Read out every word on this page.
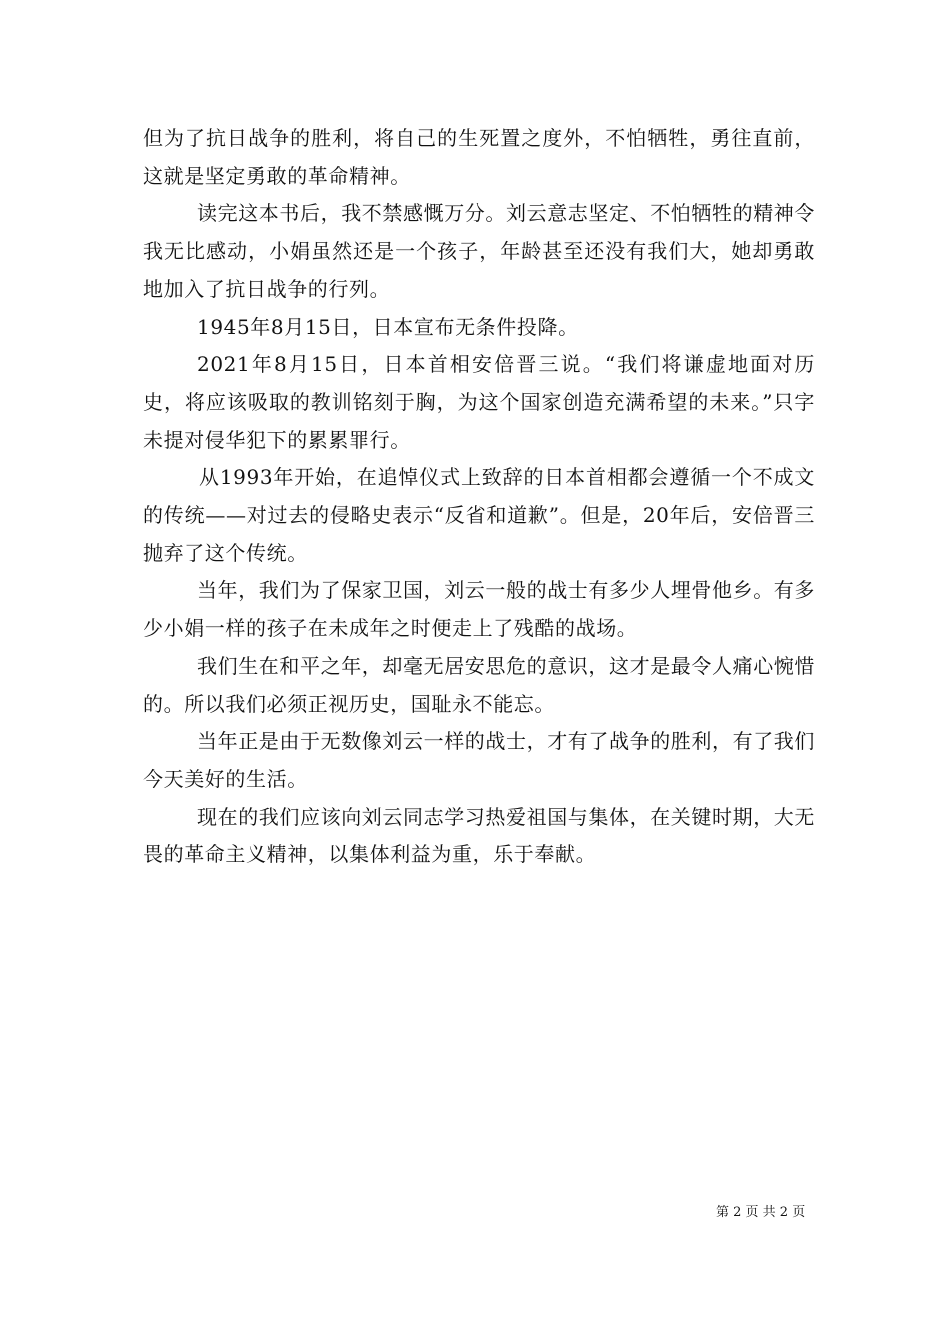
但为了抗日战争的胜利，将自己的生死置之度外，不怕牺牲，勇往直前，这就是坚定勇敢的革命精神。

读完这本书后，我不禁感慨万分。刘云意志坚定、不怕牺牲的精神令我无比感动，小娟虽然还是一个孩子，年龄甚至还没有我们大，她却勇敢地加入了抗日战争的行列。

1945年8月15日，日本宣布无条件投降。

2021年8月15日，日本首相安倍晋三说。“我们将谦虚地面对历史，将应该吸取的教训铭刻于胸，为这个国家创造充满希望的未来。”只字未提对侵华犯下的累累罪行。

从1993年开始，在追悼仪式上致辞的日本首相都会遵循一个不成文的传统——对过去的侵略史表示“反省和道歉”。但是，20年后，安倍晋三抛弃了这个传统。

当年，我们为了保家卫国，刘云一般的战士有多少人埋骨他乡。有多少小娟一样的孩子在未成年之时便走上了残酷的战场。

我们生在和平之年，却毫无居安思危的意识，这才是最令人痛心惋惜的。所以我们必须正视历史，国耻永不能忘。

当年正是由于无数像刘云一样的战士，才有了战争的胜利，有了我们今天美好的生活。

现在的我们应该向刘云同志学习热爱祖国与集体，在关键时期，大无畏的革命主义精神，以集体利益为重，乐于奉献。

第 2 页 共 2 页
